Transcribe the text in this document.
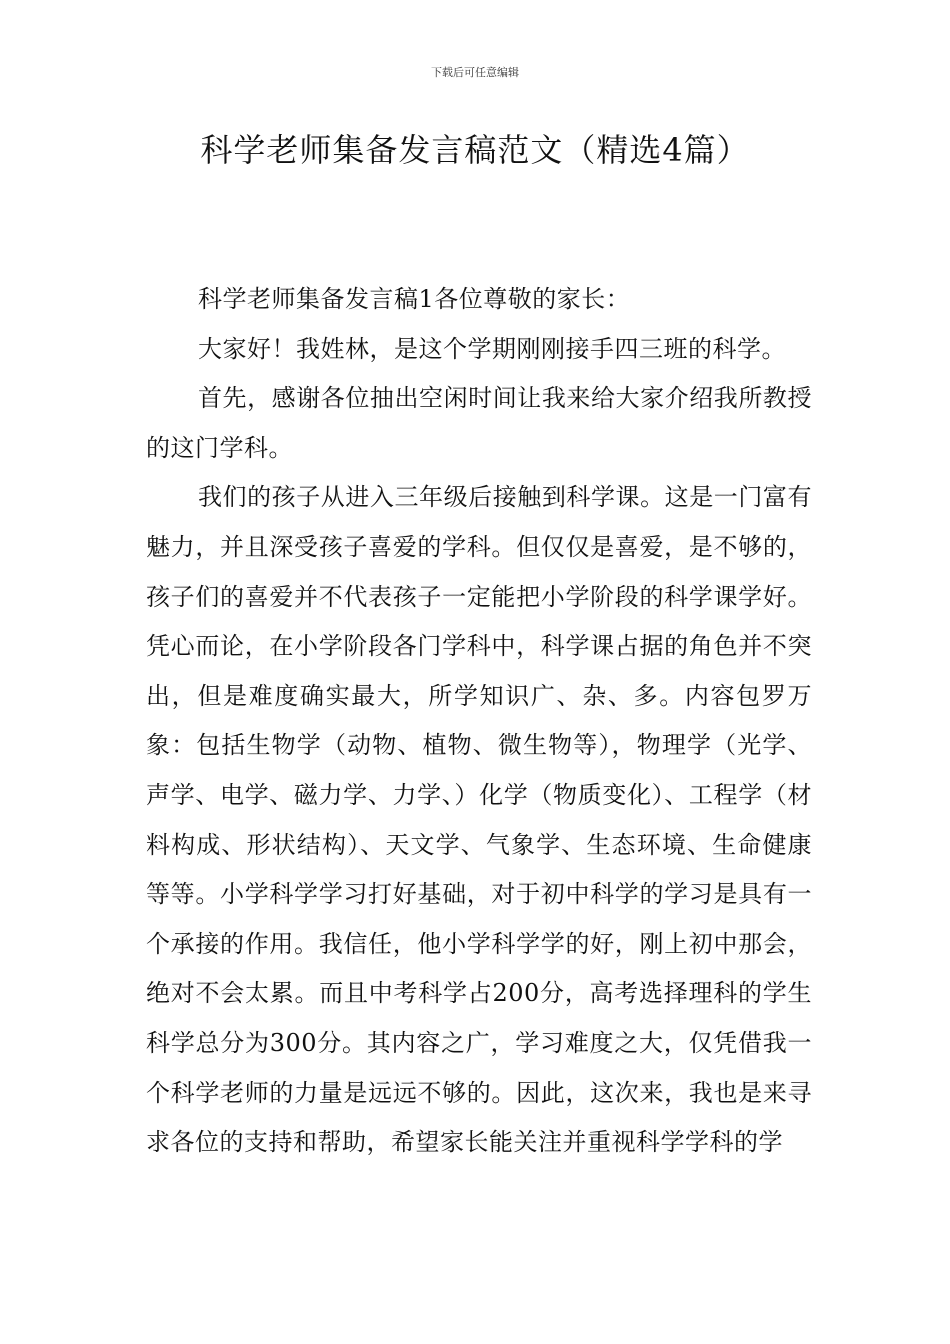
下载后可任意编辑
科学老师集备发言稿范文（精选4篇）

科学老师集备发言稿1各位尊敬的家长：

大家好！我姓林，是这个学期刚刚接手四三班的科学。

首先，感谢各位抽出空闲时间让我来给大家介绍我所教授的这门学科。

我们的孩子从进入三年级后接触到科学课。这是一门富有魅力，并且深受孩子喜爱的学科。但仅仅是喜爱，是不够的，孩子们的喜爱并不代表孩子一定能把小学阶段的科学课学好。凭心而论，在小学阶段各门学科中，科学课占据的角色并不突出，但是难度确实最大，所学知识广、杂、多。内容包罗万象：包括生物学（动物、植物、微生物等），物理学（光学、声学、电学、磁力学、力学、）化学（物质变化）、工程学（材料构成、形状结构）、天文学、气象学、生态环境、生命健康等等。小学科学学习打好基础，对于初中科学的学习是具有一个承接的作用。我信任，他小学科学学的好，刚上初中那会，绝对不会太累。而且中考科学占200分，高考选择理科的学生科学总分为300分。其内容之广，学习难度之大，仅凭借我一个科学老师的力量是远远不够的。因此，这次来，我也是来寻求各位的支持和帮助，希望家长能关注并重视科学学科的学
